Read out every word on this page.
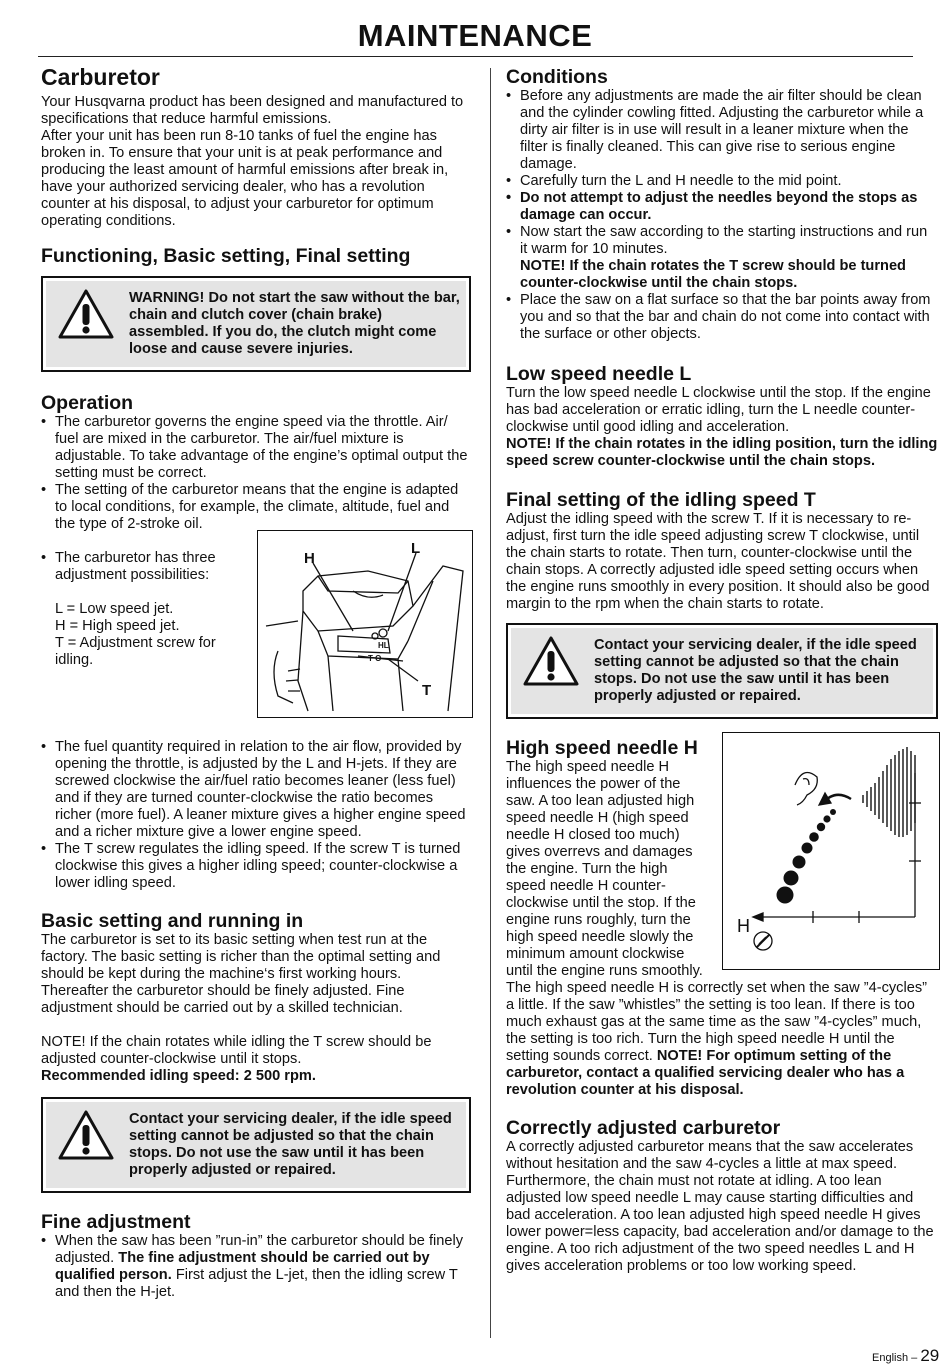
MAINTENANCE
Carburetor

Your Husqvarna product has been designed and manufactured to specifications that reduce harmful emissions.

After your unit has been run 8-10 tanks of fuel the engine has broken in. To ensure that your unit is at peak performance and producing the least amount of harmful emissions after break in, have your authorized servicing dealer, who has a revolution counter at his disposal, to adjust your carburetor for optimum operating conditions.

Functioning, Basic setting, Final setting
WARNING! Do not start the saw without the bar, chain and clutch cover (chain brake) assembled. If you do, the clutch might come loose and cause severe injuries.
Operation
• The carburetor governs the engine speed via the throttle. Air/ fuel are mixed in the carburetor. The air/fuel mixture is adjustable. To take advantage of the engine’s optimal output the setting must be correct.
• The setting of the carburetor means that the engine is adapted to local conditions, for example, the climate, altitude, fuel and the type of 2-stroke oil.
• The carburetor has three adjustment possibilities:
L = Low speed jet.
H = High speed jet.
T = Adjustment screw for idling.
• The fuel quantity required in relation to the air flow, provided by opening the throttle, is adjusted by the L and H-jets. If they are screwed clockwise the air/fuel ratio becomes leaner (less fuel) and if they are turned counter-clockwise the ratio becomes richer (more fuel). A leaner mixture gives a higher engine speed and a richer mixture give a lower engine speed.
• The T screw regulates the idling speed. If the screw T is turned clockwise this gives a higher idling speed; counter-clockwise a lower idling speed.
Basic setting and running in

The carburetor is set to its basic setting when test run at the factory. The basic setting is richer than the optimal setting and should be kept during the machine‘s first working hours. Thereafter the carburetor should be finely adjusted. Fine adjustment should be carried out by a skilled technician.

NOTE! If the chain rotates while idling the T screw should be adjusted counter-clockwise until it stops.

Recommended idling speed: 2 500 rpm.

Contact your servicing dealer, if the idle speed setting cannot be adjusted so that the chain stops. Do not use the saw until it has been properly adjusted or repaired.
Fine adjustment
• When the saw has been ”run-in” the carburetor should be finely adjusted. The fine adjustment should be carried out by qualified person. First adjust the L-jet, then the idling screw T and then the H-jet.
H
L
T
HL
T O
Conditions
• Before any adjustments are made the air filter should be clean and the cylinder cowling fitted. Adjusting the carburetor while a dirty air filter is in use will result in a leaner mixture when the filter is finally cleaned. This can give rise to serious engine damage.
• Carefully turn the L and H needle to the mid point.
• Do not attempt to adjust the needles beyond the stops as damage can occur.
• Now start the saw according to the starting instructions and run it warm for 10 minutes.
NOTE! If the chain rotates the T screw should be turned counter-clockwise until the chain stops.
• Place the saw on a flat surface so that the bar points away from you and so that the bar and chain do not come into contact with the surface or other objects.
Low speed needle L

Turn the low speed needle L clockwise until the stop. If the engine has bad acceleration or erratic idling, turn the L needle counter-clockwise until good idling and acceleration.

NOTE! If the chain rotates in the idling position, turn the idling speed screw counter-clockwise until the chain stops.

Final setting of the idling speed T

Adjust the idling speed with the screw T. If it is necessary to re-adjust, first turn the idle speed adjusting screw T clockwise, until the chain starts to rotate. Then turn, counter-clockwise until the chain stops. A correctly adjusted idle speed setting occurs when the engine runs smoothly in every position. It should also be good margin to the rpm when the chain starts to rotate.

Contact your servicing dealer, if the idle speed setting cannot be adjusted so that the chain stops. Do not use the saw until it has been properly adjusted or repaired.
High speed needle H

The high speed needle H influences the power of the saw. A too lean adjusted high speed needle H (high speed needle H closed too much) gives overrevs and damages the engine. Turn the high speed needle H counter-clockwise until the stop. If the engine runs roughly, turn the high speed needle slowly the minimum amount clockwise until the engine runs smoothly.

The high speed needle H is correctly set when the saw ”4-cycles” a little. If the saw ”whistles” the setting is too lean. If there is too much exhaust gas at the same time as the saw ”4-cycles” much, the setting is too rich. Turn the high speed needle H until the setting sounds correct. NOTE! For optimum setting of the carburetor, contact a qualified servicing dealer who has a revolution counter at his disposal.

Correctly adjusted carburetor

A correctly adjusted carburetor means that the saw accelerates without hesitation and the saw 4-cycles a little at max speed. Furthermore, the chain must not rotate at idling. A too lean adjusted low speed needle L may cause starting difficulties and bad acceleration. A too lean adjusted high speed needle H gives lower power=less capacity, bad acceleration and/or damage to the engine. A too rich adjustment of the two speed needles L and H gives acceleration problems or too low working speed.

H
English – 29
